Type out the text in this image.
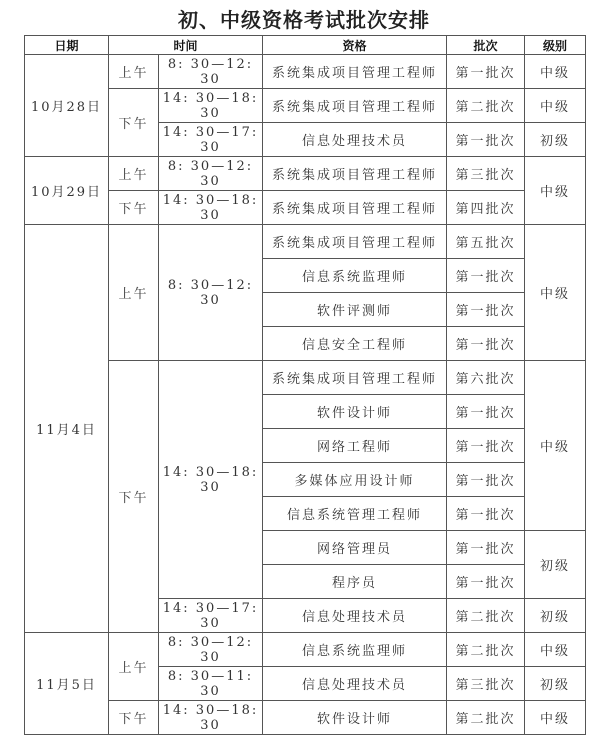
初、中级资格考试批次安排
日期	时间		资格	批次	级别
10月28日	上午	8: 30—12: 30	系统集成项目管理工程师	第一批次	中级
	下午	14: 30—18: 30	系统集成项目管理工程师	第二批次	中级
		14: 30—17: 30	信息处理技术员	第一批次	初级
10月29日	上午	8: 30—12: 30	系统集成项目管理工程师	第三批次	中级
	下午	14: 30—18: 30	系统集成项目管理工程师	第四批次	
11月4日	上午	8: 30—12: 30	系统集成项目管理工程师	第五批次	中级
			信息系统监理师	第一批次	
			软件评测师	第一批次	
			信息安全工程师	第一批次	
	下午	14: 30—18: 30	系统集成项目管理工程师	第六批次	中级
			软件设计师	第一批次	
			网络工程师	第一批次	
			多媒体应用设计师	第一批次	
			信息系统管理工程师	第一批次	
			网络管理员	第一批次	初级
			程序员	第一批次	
		14: 30—17: 30	信息处理技术员	第二批次	初级
11月5日	上午	8: 30—12: 30	信息系统监理师	第二批次	中级
		8: 30—11: 30	信息处理技术员	第三批次	初级
	下午	14: 30—18: 30	软件设计师	第二批次	中级
